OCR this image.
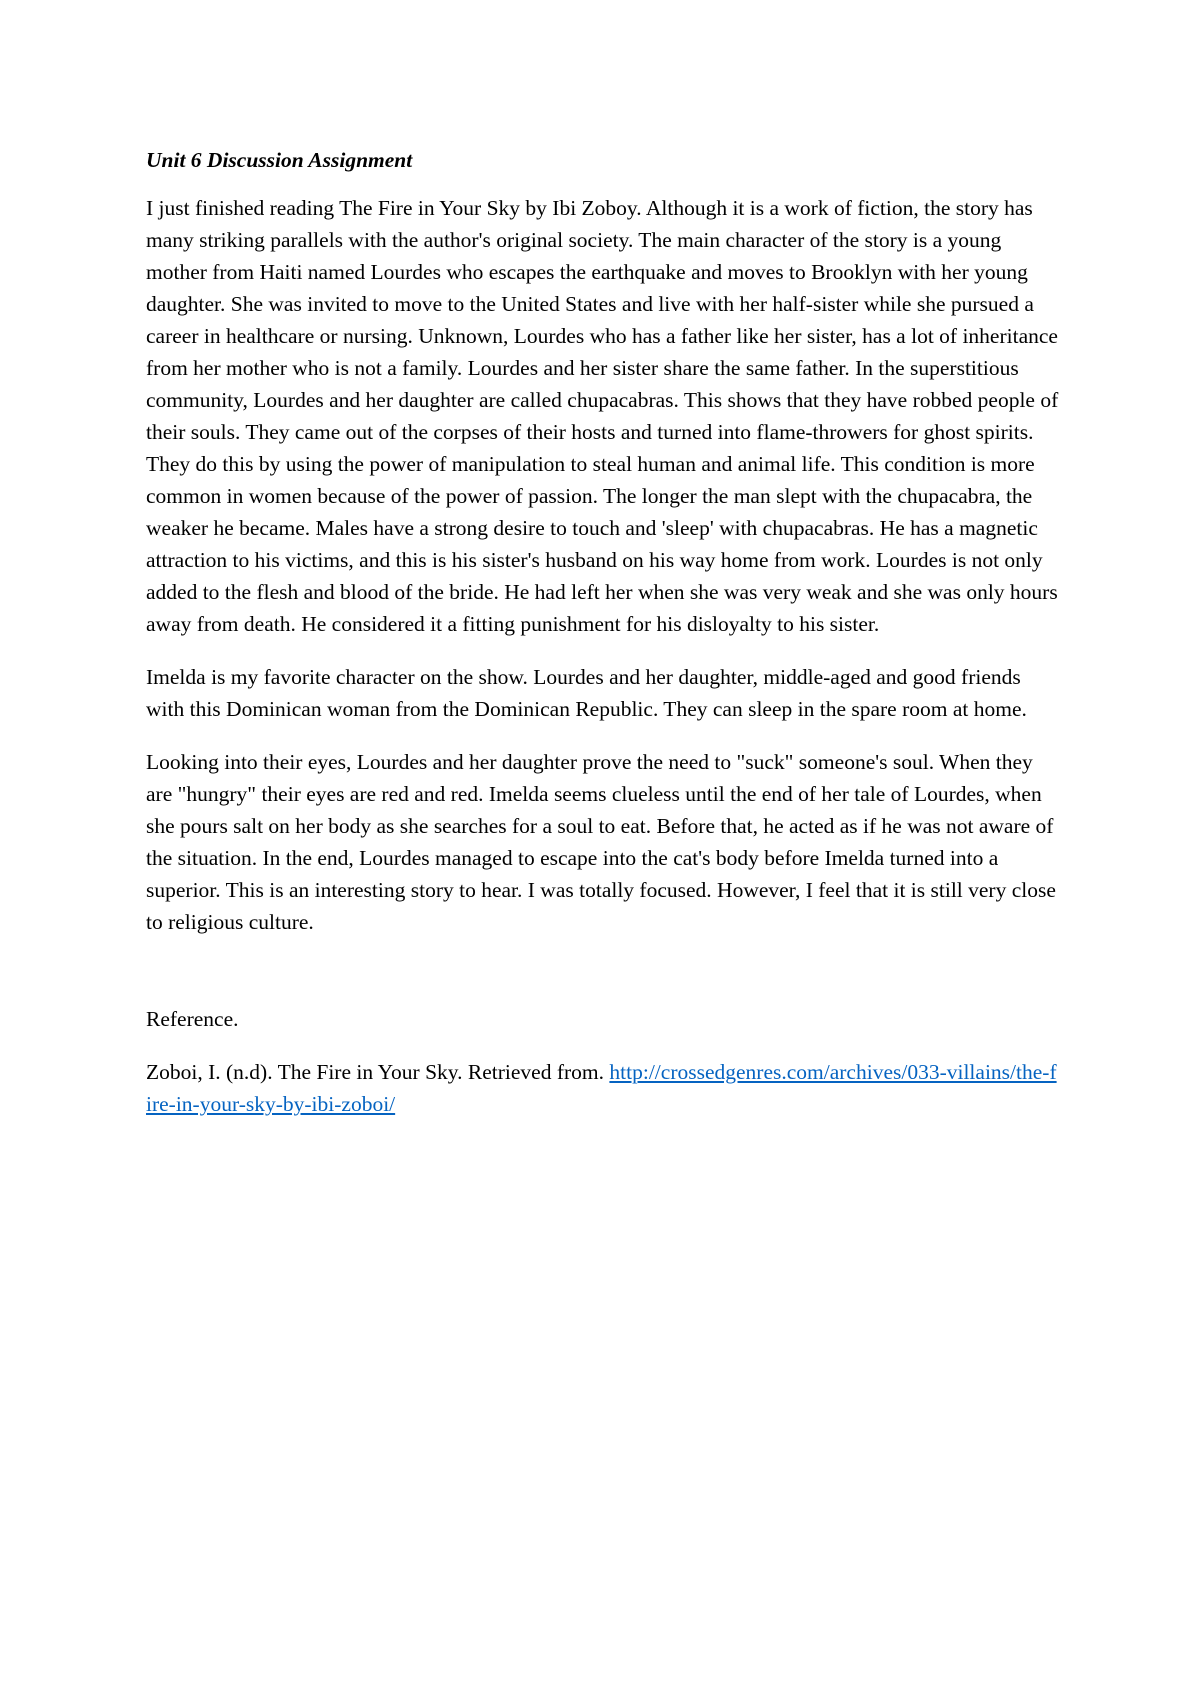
Unit 6 Discussion Assignment

I just finished reading The Fire in Your Sky by Ibi Zoboy. Although it is a work of fiction, the story has many striking parallels with the author's original society. The main character of the story is a young mother from Haiti named Lourdes who escapes the earthquake and moves to Brooklyn with her young daughter. She was invited to move to the United States and live with her half-sister while she pursued a career in healthcare or nursing. Unknown, Lourdes who has a father like her sister, has a lot of inheritance from her mother who is not a family. Lourdes and her sister share the same father. In the superstitious community, Lourdes and her daughter are called chupacabras. This shows that they have robbed people of their souls. They came out of the corpses of their hosts and turned into flame-throwers for ghost spirits. They do this by using the power of manipulation to steal human and animal life. This condition is more common in women because of the power of passion. The longer the man slept with the chupacabra, the weaker he became. Males have a strong desire to touch and 'sleep' with chupacabras. He has a magnetic attraction to his victims, and this is his sister's husband on his way home from work. Lourdes is not only added to the flesh and blood of the bride. He had left her when she was very weak and she was only hours away from death. He considered it a fitting punishment for his disloyalty to his sister.

Imelda is my favorite character on the show. Lourdes and her daughter, middle-aged and good friends with this Dominican woman from the Dominican Republic. They can sleep in the spare room at home.

Looking into their eyes, Lourdes and her daughter prove the need to "suck" someone's soul. When they are "hungry" their eyes are red and red. Imelda seems clueless until the end of her tale of Lourdes, when she pours salt on her body as she searches for a soul to eat. Before that, he acted as if he was not aware of the situation. In the end, Lourdes managed to escape into the cat's body before Imelda turned into a superior. This is an interesting story to hear. I was totally focused. However, I feel that it is still very close to religious culture.

Reference.

Zoboi, I. (n.d). The Fire in Your Sky. Retrieved from. http://crossedgenres.com/archives/033-villains/the-fire-in-your-sky-by-ibi-zoboi/
